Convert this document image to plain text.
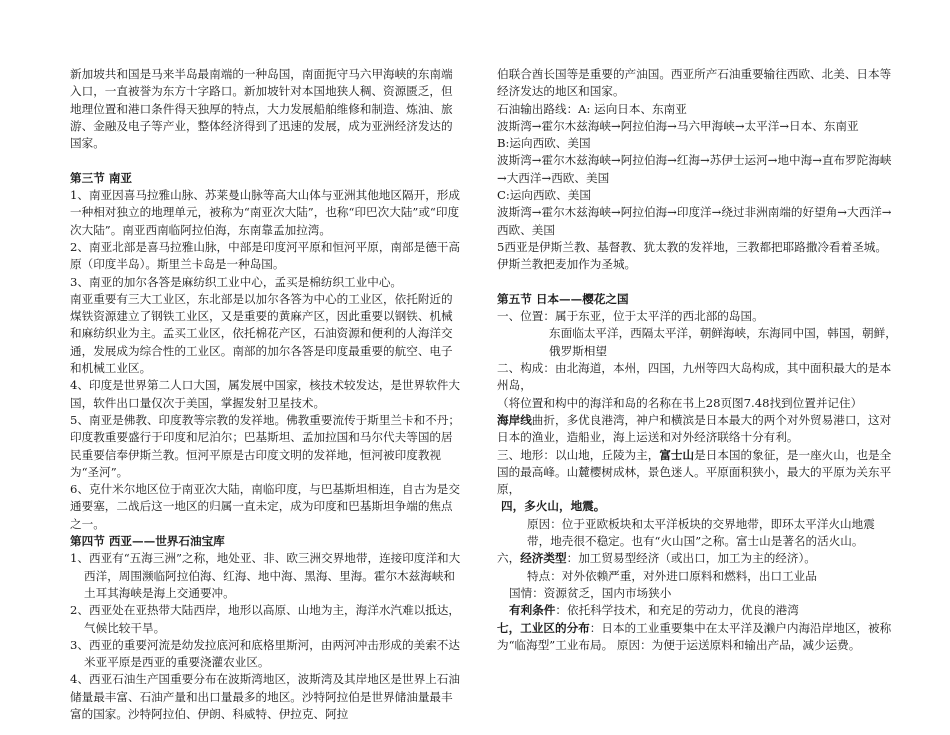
新加坡共和国是马来半岛最南端的一种岛国，南面扼守马六甲海峡的东南端入口，一直被誉为东方十字路口。新加坡针对本国地狭人稠、资源匮乏，但地理位置和港口条件得天独厚的特点，大力发展船舶维修和制造、炼油、旅游、金融及电子等产业，整体经济得到了迅速的发展，成为亚洲经济发达的国家。

第三节 南亚

1、南亚因喜马拉雅山脉、苏莱曼山脉等高大山体与亚洲其他地区隔开，形成一种相对独立的地理单元，被称为“南亚次大陆”，也称“印巴次大陆”或“印度次大陆”。南亚西南临阿拉伯海，东南靠孟加拉湾。

2、南亚北部是喜马拉雅山脉，中部是印度河平原和恒河平原，南部是德干高原（印度半岛）。斯里兰卡岛是一种岛国。

3、南亚的加尔各答是麻纺织工业中心，孟买是棉纺织工业中心。

南亚重要有三大工业区，东北部是以加尔各答为中心的工业区，依托附近的煤铁资源建立了钢铁工业区，又是重要的黄麻产区，因此重要以钢铁、机械和麻纺织业为主。孟买工业区，依托棉花产区，石油资源和便利的人海洋交通，发展成为综合性的工业区。南部的加尔各答是印度最重要的航空、电子和机械工业区。

4、印度是世界第二人口大国，属发展中国家，核技术较发达，是世界软件大国，软件出口量仅次于美国，掌握发射卫星技术。

5、南亚是佛教、印度教等宗教的发祥地。佛教重要流传于斯里兰卡和不丹；印度教重要盛行于印度和尼泊尔；巴基斯坦、孟加拉国和马尔代夫等国的居民重要信奉伊斯兰教。恒河平原是古印度文明的发祥地，恒河被印度教视为“圣河”。

6、克什米尔地区位于南亚次大陆，南临印度，与巴基斯坦相连，自古为是交通要塞，二战后这一地区的归属一直未定，成为印度和巴基斯坦争端的焦点之一。

第四节 西亚——世界石油宝库

1、西亚有“五海三洲”之称，地处亚、非、欧三洲交界地带，连接印度洋和大西洋，周围濒临阿拉伯海、红海、地中海、黑海、里海。霍尔木兹海峡和土耳其海峡是海上交通要冲。

2、西亚处在亚热带大陆西岸，地形以高原、山地为主，海洋水汽难以抵达，气候比较干旱。

3、西亚的重要河流是幼发拉底河和底格里斯河，由两河冲击形成的美索不达米亚平原是西亚的重要浇灌农业区。

4、西亚石油生产国重要分布在波斯湾地区，波斯湾及其岸地区是世界上石油储量最丰富、石油产量和出口量最多的地区。沙特阿拉伯是世界储油量最丰富的国家。沙特阿拉伯、伊朗、科威特、伊拉克、阿拉

伯联合酋长国等是重要的产油国。西亚所产石油重要输往西欧、北美、日本等经济发达的地区和国家。

石油输出路线：A: 运向日本、东南亚

波斯湾→霍尔木兹海峡→阿拉伯海→马六甲海峡→太平洋→日本、东南亚

B:运向西欧、美国

波斯湾→霍尔木兹海峡→阿拉伯海→红海→苏伊士运河→地中海→直布罗陀海峡→大西洋→西欧、美国

C:运向西欧、美国

波斯湾→霍尔木兹海峡→阿拉伯海→印度洋→绕过非洲南端的好望角→大西洋→西欧、美国

5西亚是伊斯兰教、基督教、犹太教的发祥地，三教都把耶路撒冷看着圣城。伊斯兰教把麦加作为圣城。

第五节 日本——樱花之国

一、位置：属于东亚，位于太平洋的西北部的岛国。

东面临太平洋，西隔太平洋，朝鲜海峡，东海同中国，韩国，朝鲜，俄罗斯相望

二、构成：由北海道，本州，四国，九州等四大岛构成，其中面积最大的是本州岛，

（将位置和构中的海洋和岛的名称在书上28页图7.48找到位置并记住）

海岸线曲折，多优良港湾，神户和横滨是日本最大的两个对外贸易港口，这对日本的渔业，造船业，海上运送和对外经济联络十分有利。

三、地形：以山地，丘陵为主，富士山是日本国的象征，是一座火山，也是全国的最高峰。山麓樱树成林，景色迷人。平原面积狭小，最大的平原为关东平原，

四，多火山，地震。

原因：位于亚欧板块和太平洋板块的交界地带，即环太平洋火山地震带，地壳很不稳定。也有“火山国”之称。富士山是著名的活火山。

六，经济类型：加工贸易型经济（或出口，加工为主的经济）。

特点：对外依赖严重，对外进口原料和燃料，出口工业品

国情：资源贫乏，国内市场狭小

有利条件：依托科学技术，和充足的劳动力，优良的港湾

七，工业区的分布：日本的工业重要集中在太平洋及濑户内海沿岸地区，被称为“临海型”工业布局。 原因：为便于运送原料和输出产品，减少运费。
